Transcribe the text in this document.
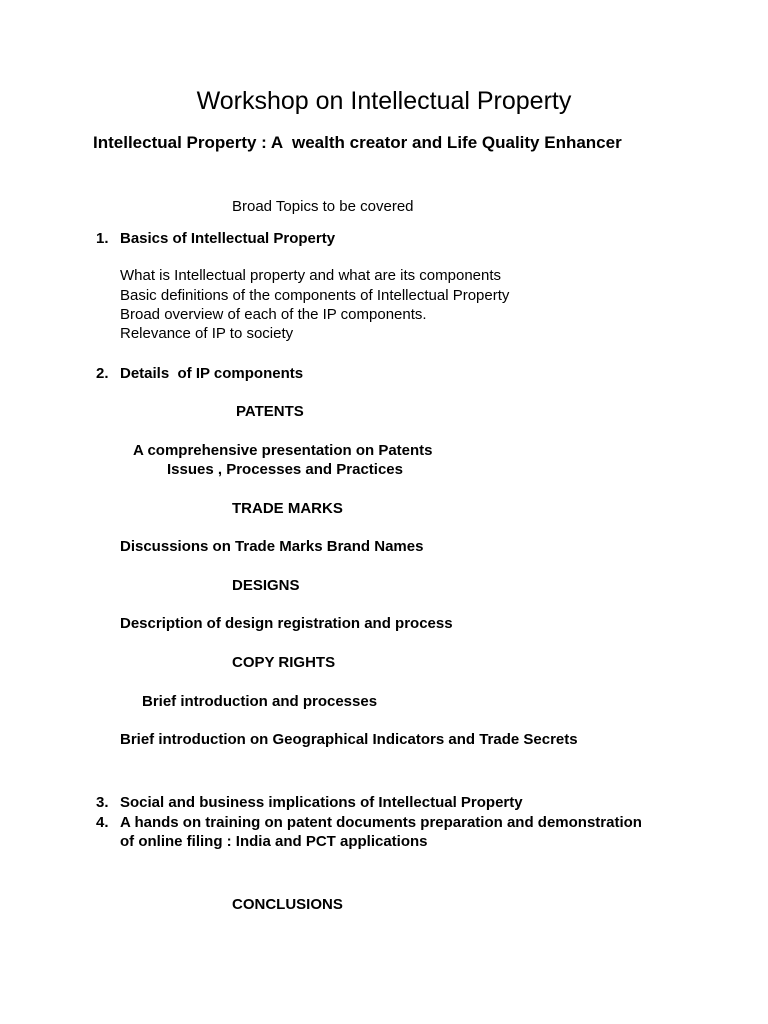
Workshop on Intellectual Property
Intellectual Property : A  wealth creator and Life Quality Enhancer
Broad Topics to be covered
1. Basics of Intellectual Property
What is Intellectual property and what are its components
Basic definitions of the components of Intellectual Property
Broad overview of each of the IP components.
Relevance of IP to society
2. Details  of IP components
PATENTS
A comprehensive presentation on Patents
Issues , Processes and Practices
TRADE MARKS
Discussions on Trade Marks Brand Names
DESIGNS
Description of design registration and process
COPY RIGHTS
Brief introduction and processes
Brief introduction on Geographical Indicators and Trade Secrets
3. Social and business implications of Intellectual Property
4. A hands on training on patent documents preparation and demonstration
of online filing : India and PCT applications
CONCLUSIONS
